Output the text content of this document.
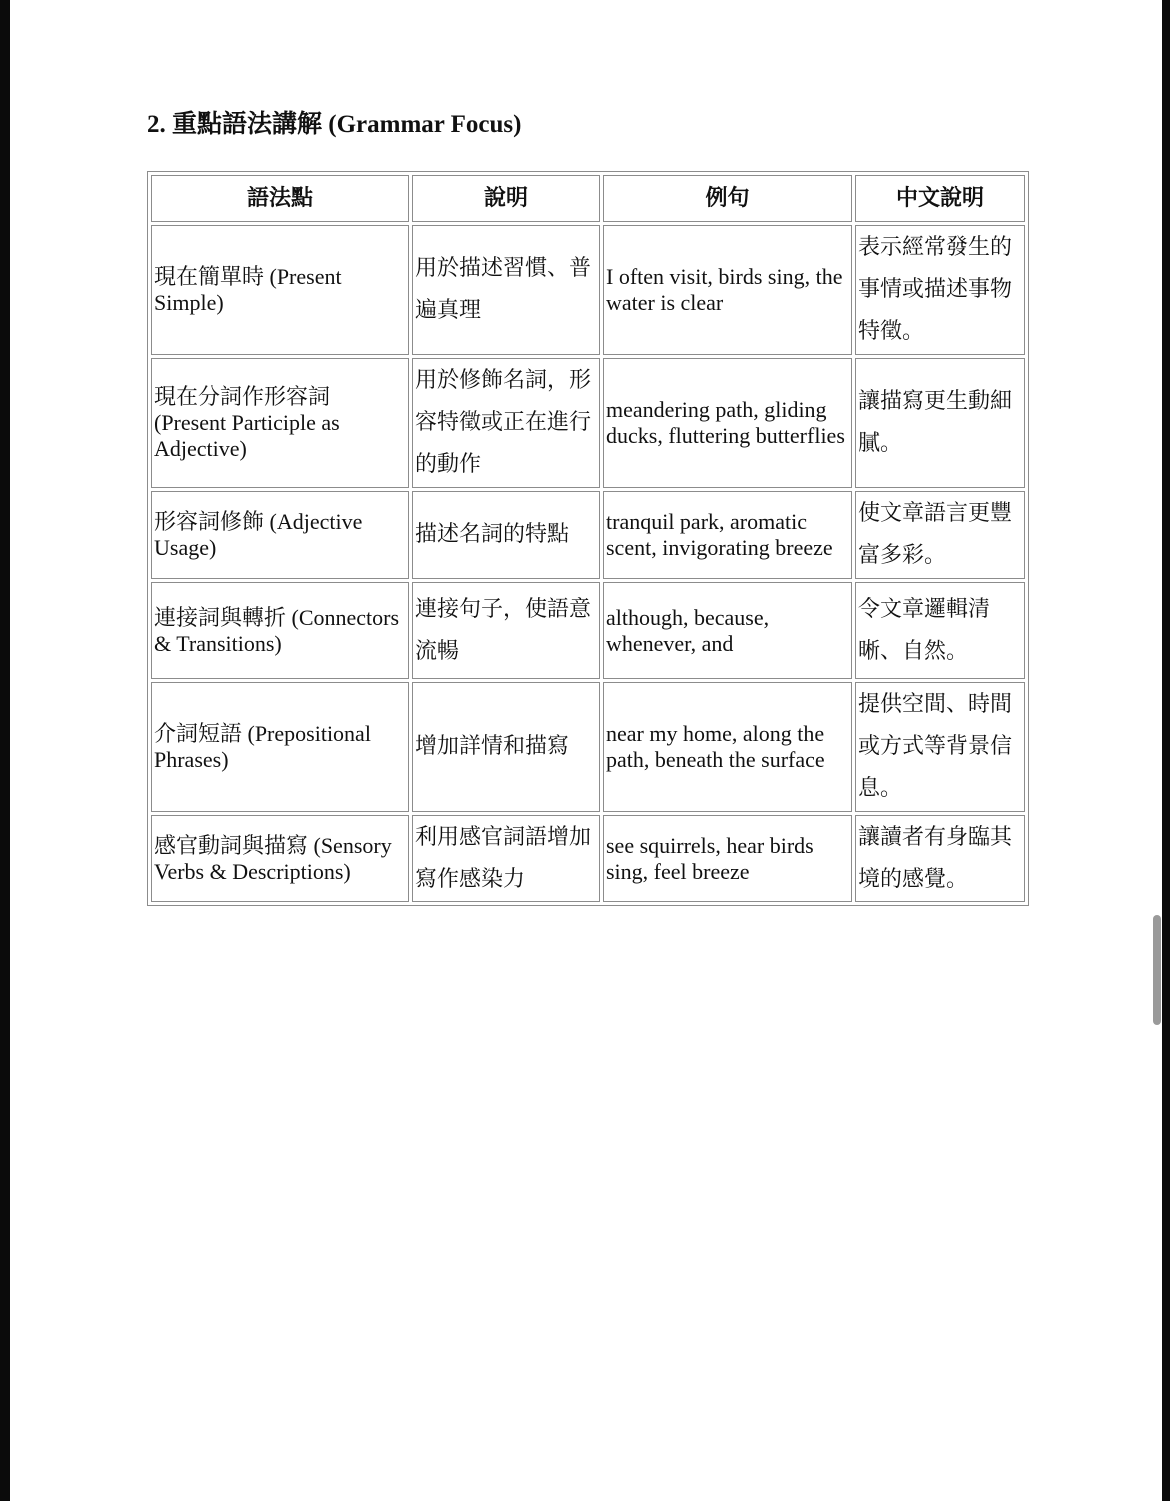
2. 重點語法講解 (Grammar Focus)
語法點	說明	例句	中文說明
現在簡單時 (Present Simple)	用於描述習慣、普遍真理	I often visit, birds sing, the water is clear	表示經常發生的事情或描述事物特徵。
現在分詞作形容詞 (Present Participle as Adjective)	用於修飾名詞，形容特徵或正在進行的動作	meandering path, gliding ducks, fluttering butterflies	讓描寫更生動細膩。
形容詞修飾 (Adjective Usage)	描述名詞的特點	tranquil park, aromatic scent, invigorating breeze	使文章語言更豐富多彩。
連接詞與轉折 (Connectors & Transitions)	連接句子，使語意流暢	although, because, whenever, and	令文章邏輯清晰、自然。
介詞短語 (Prepositional Phrases)	增加詳情和描寫	near my home, along the path, beneath the surface	提供空間、時間或方式等背景信息。
感官動詞與描寫 (Sensory Verbs & Descriptions)	利用感官詞語增加寫作感染力	see squirrels, hear birds sing, feel breeze	讓讀者有身臨其境的感覺。
